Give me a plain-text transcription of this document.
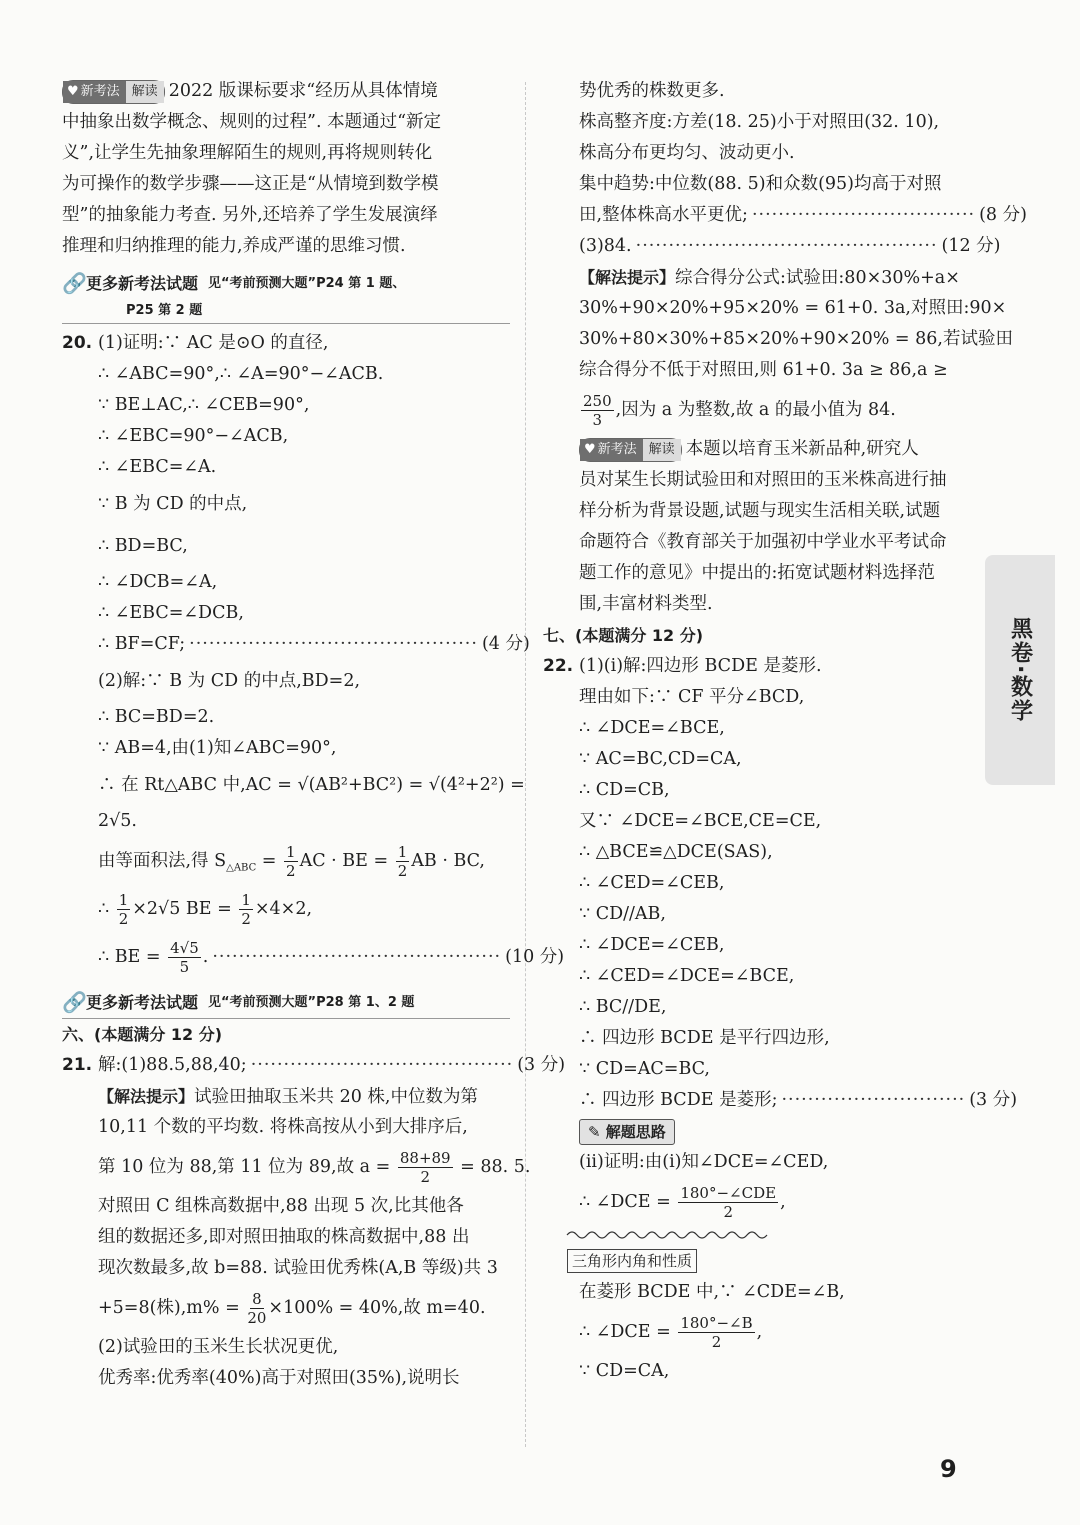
♥ 新考法 解读 2022 版课标要求“经历从具体情境
中抽象出数学概念、规则的过程”. 本题通过“新定
义”,让学生先抽象理解陌生的规则,再将规则转化
为可操作的数学步骤——这正是“从情境到数学模
型”的抽象能力考查. 另外,还培养了学生发展演绎
推理和归纳推理的能力,养成严谨的思维习惯.
🔗 更多新考法试题 见“考前预测大题”P24 第 1 题、
P25 第 2 题
20. (1)证明:∵ AC 是⊙O 的直径,
∴ ∠ABC=90°,∴ ∠A=90°−∠ACB.
∵ BE⊥AC,∴ ∠CEB=90°,
∴ ∠EBC=90°−∠ACB,
∴ ∠EBC=∠A.
∵ B 为 CD 的中点,
∴ BD=BC,
∴ ∠DCB=∠A,
∴ ∠EBC=∠DCB,
∴ BF=CF; ············································ (4 分)
(2)解:∵ B 为 CD 的中点,BD=2,
∴ BC=BD=2.
∵ AB=4,由(1)知∠ABC=90°,
∴ 在 Rt△ABC 中,AC = √(AB²+BC²) = √(4²+2²) =
2√5.
由等面积法,得 $S_{\triangle ABC} = \frac{1}{2}$ AC · BE = $\frac{1}{2}$ AB · BC,
∴ $\frac{1}{2} \times 2√5$ BE = $\frac{1}{2} \times 4\times 2$,
∴ BE = $\frac{4√5}{5}$ . ············································ (10 分)
🔗 更多新考法试题 见“考前预测大题”P28 第 1、2 题
六、(本题满分 12 分)
21. 解:(1)88.5,88,40; ········································ (3 分)
【解法提示】试验田抽取玉米共 20 株,中位数为第
10,11 个数的平均数. 将株高按从小到大排序后,
第 10 位为 88,第 11 位为 89,故 $a = \frac{88+89}{2} = 88$. 5.
对照田 C 组株高数据中,88 出现 5 次,比其他各
组的数据还多,即对照田抽取的株高数据中,88 出
现次数最多,故 b=88. 试验田优秀株(A,B 等级)共 3
+5=8(株)$,m\% = \frac{8}{20} \times 100\% = 40\%$,故 m=40.
(2)试验田的玉米生长状况更优,
优秀率:优秀率(40%)高于对照田(35%),说明长
势优秀的株数更多.
株高整齐度:方差(18. 25)小于对照田(32. 10),
株高分布更均匀、波动更小.
集中趋势:中位数(88. 5)和众数(95)均高于对照
田,整体株高水平更优; ·································· (8 分)
(3)84. ·············································· (12 分)
【解法提示】综合得分公式:试验田:80×30%+a×
30%+90×20%+95×20% = 61+0. 3a,对照田:90×
30%+80×30%+85×20%+90×20% = 86,若试验田
综合得分不低于对照田,则 61+0. 3a ≥ 86,a ≥
$\frac{250}{3}$ ,因为 a 为整数,故 a 的最小值为 84.
♥ 新考法 解读 本题以培育玉米新品种,研究人
员对某生长期试验田和对照田的玉米株高进行抽
样分析为背景设题,试题与现实生活相关联,试题
命题符合《教育部关于加强初中学业水平考试命
题工作的意见》中提出的:拓宽试题材料选择范
围,丰富材料类型.
七、(本题满分 12 分)
22. (1)(i)解:四边形 BCDE 是菱形.
理由如下:∵ CF 平分∠BCD,
∴ ∠DCE=∠BCE,
∵ AC=BC,CD=CA,
∴ CD=CB,
又∵ ∠DCE=∠BCE,CE=CE,
∴ △BCE≌△DCE(SAS),
∴ ∠CED=∠CEB,
∵ CD//AB,
∴ ∠DCE=∠CEB,
∴ ∠CED=∠DCE=∠BCE,
∴ BC//DE,
∴ 四边形 BCDE 是平行四边形,
∵ CD=AC=BC,
∴ 四边形 BCDE 是菱形; ···························· (3 分)
✎ 解题思路
(ii)证明:由(i)知∠DCE=∠CED,
∴ ∠DCE = $\frac{\text{180°−∠CDE}}{2}$ ,
三角形内角和性质
在菱形 BCDE 中,∵ ∠CDE=∠B,
∴ ∠DCE = $\frac{180^\circ-\angle B}{2}$ ,
∵ CD=CA,
黑卷·数学
9
